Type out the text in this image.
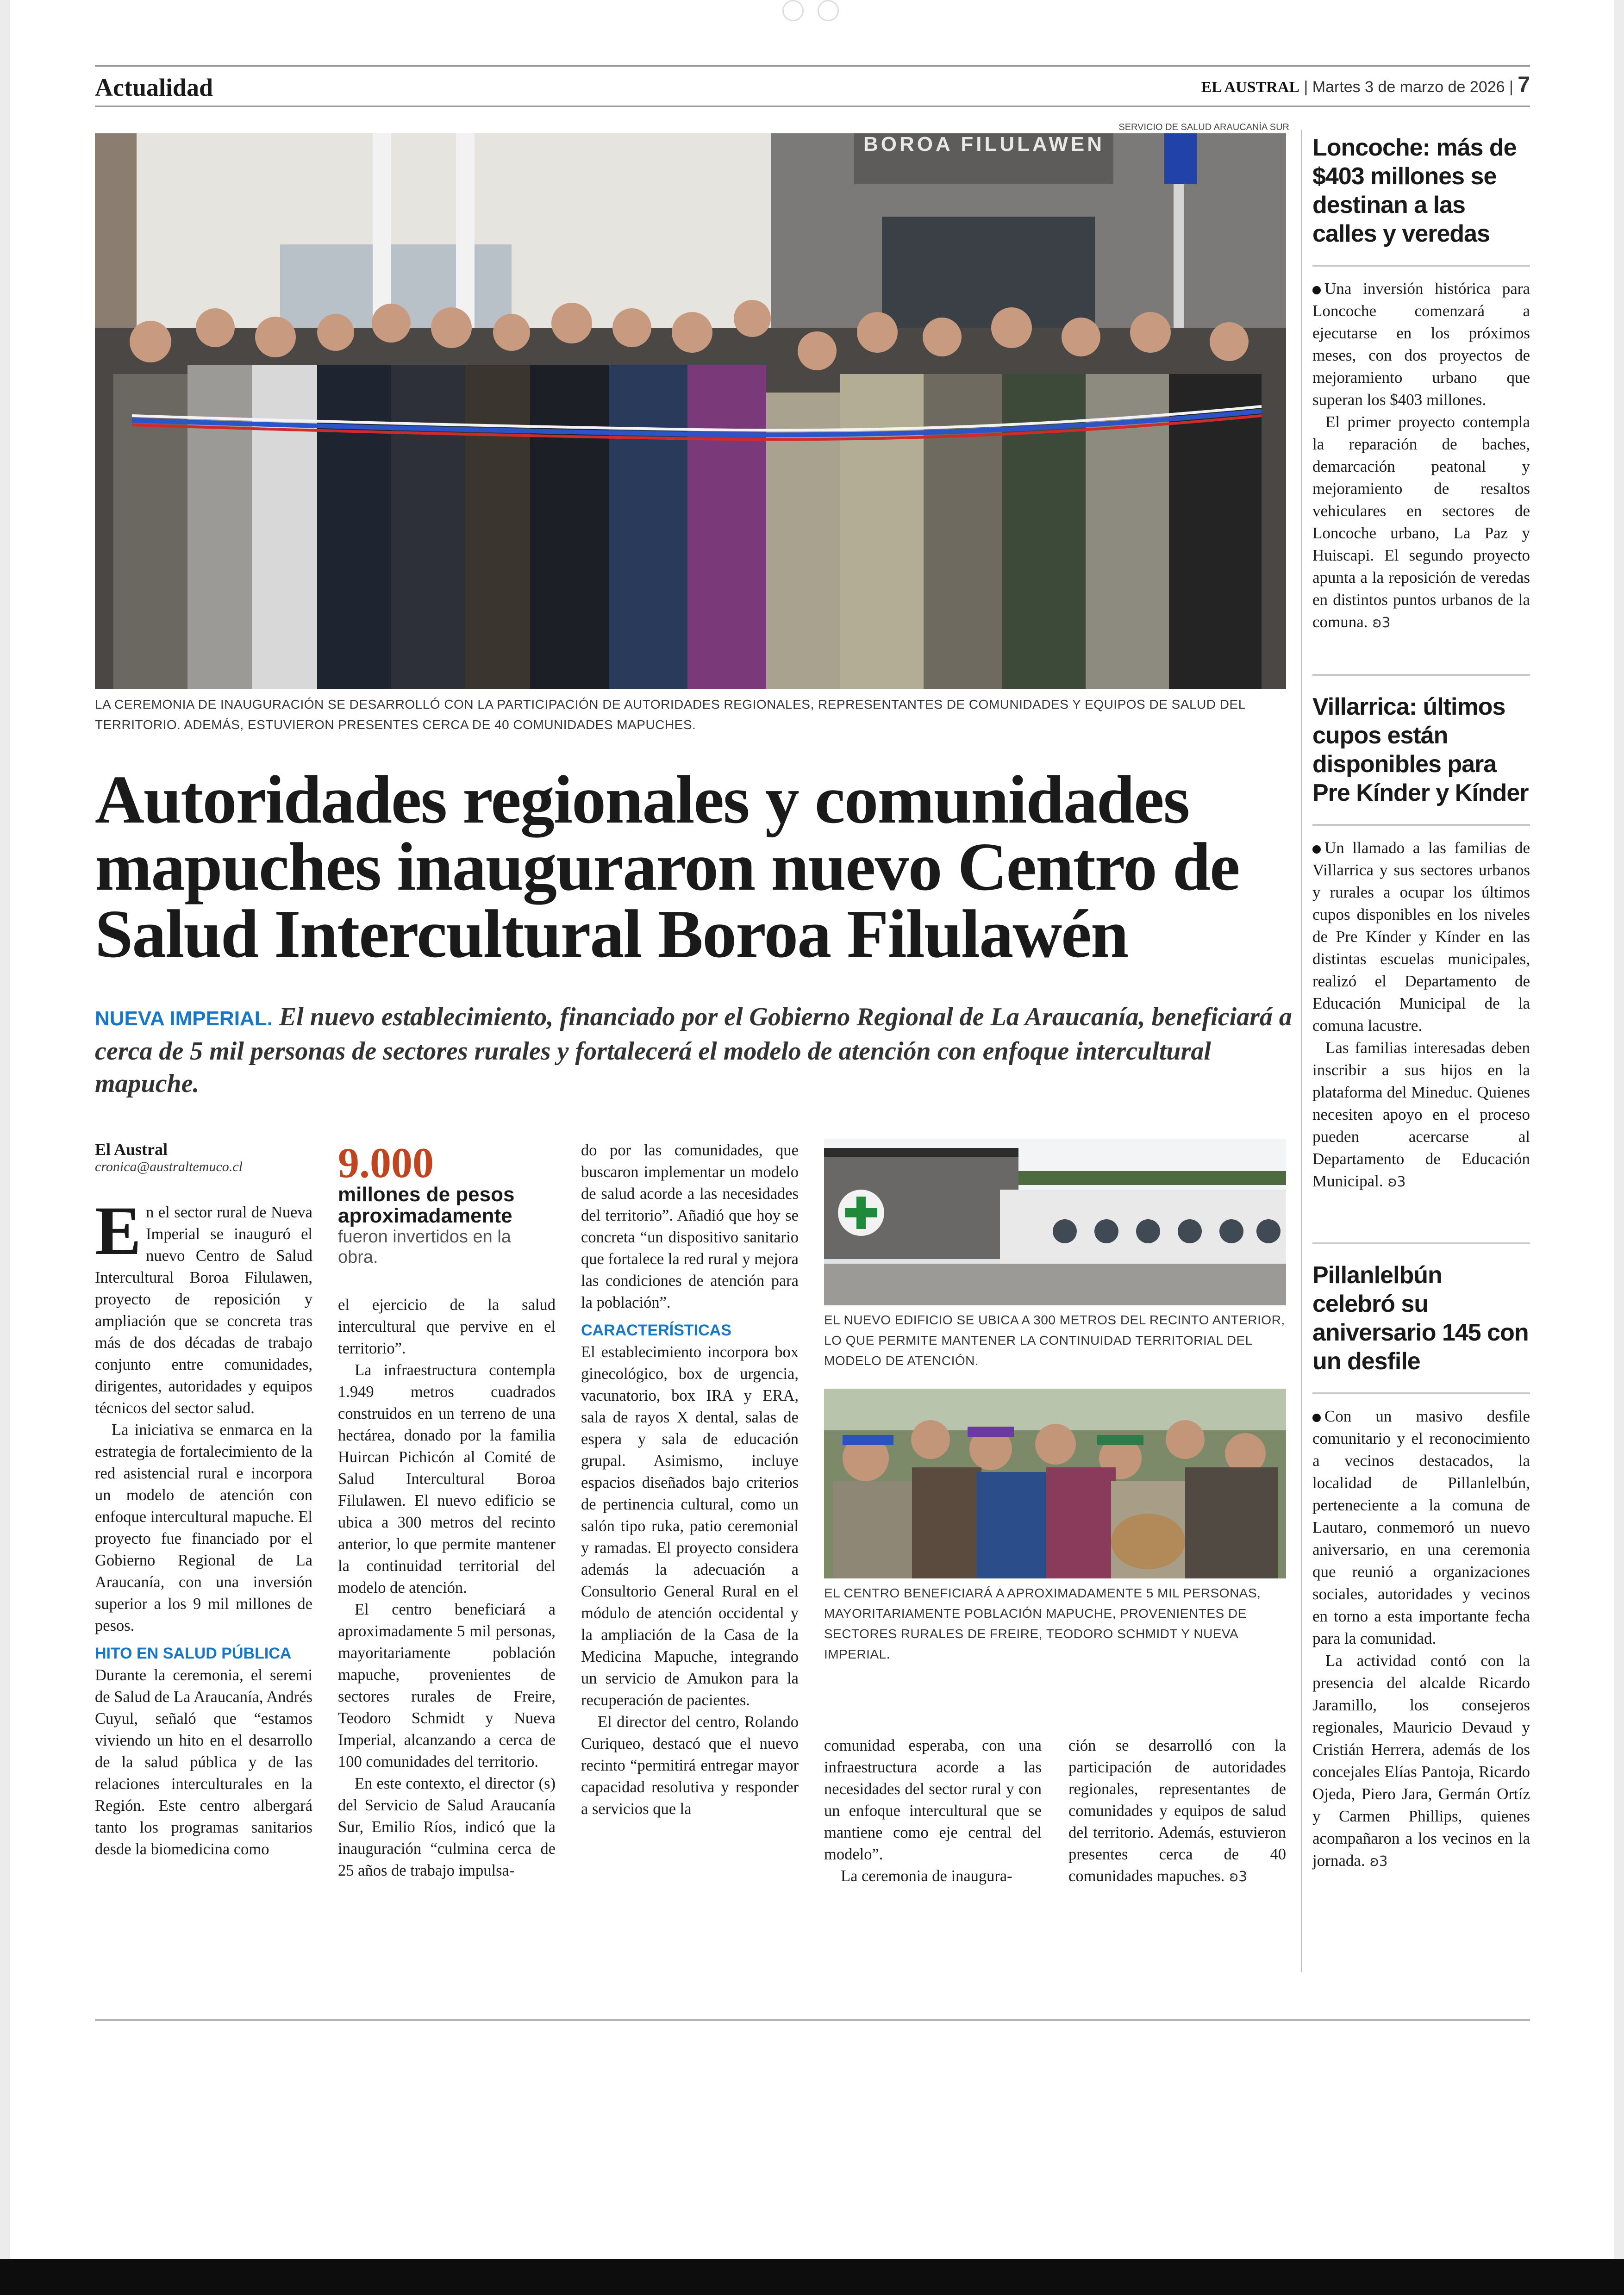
Actualidad	EL AUSTRAL | Martes 3 de marzo de 2026 | 7
SERVICIO DE SALUD ARAUCANÍA SUR
BOROA FILULAWEN
LA CEREMONIA DE INAUGURACIÓN SE DESARROLLÓ CON LA PARTICIPACIÓN DE AUTORIDADES REGIONALES, REPRESENTANTES DE COMUNIDADES Y EQUIPOS DE SALUD DEL TERRITORIO. ADEMÁS, ESTUVIERON PRESENTES CERCA DE 40 COMUNIDADES MAPUCHES.
Autoridades regionales y comunidades mapuches inauguraron nuevo Centro de Salud Intercultural Boroa Filulawén
NUEVA IMPERIAL. El nuevo establecimiento, financiado por el Gobierno Regional de La Araucanía, beneficiará a cerca de 5 mil personas de sectores rurales y fortalecerá el modelo de atención con enfoque intercultural mapuche.
El Austral
cronica@australtemuco.cl

En el sector rural de Nueva Imperial se inauguró el nuevo Centro de Salud Intercultural Boroa Filulawen, proyecto de reposición y ampliación que se concreta tras más de dos décadas de trabajo conjunto entre comunidades, dirigentes, autoridades y equipos técnicos del sector salud.

La iniciativa se enmarca en la estrategia de fortalecimiento de la red asistencial rural e incorpora un modelo de atención con enfoque intercultural mapuche. El proyecto fue financiado por el Gobierno Regional de La Araucanía, con una inversión superior a los 9 mil millones de pesos.

HITO EN SALUD PÚBLICA

Durante la ceremonia, el seremi de Salud de La Araucanía, Andrés Cuyul, señaló que “estamos viviendo un hito en el desarrollo de la salud pública y de las relaciones interculturales en la Región. Este centro albergará tanto los programas sanitarios desde la biomedicina como

9.000
millones de pesos aproximadamente
fueron invertidos en la obra.

el ejercicio de la salud intercultural que pervive en el territorio”.

La infraestructura contempla 1.949 metros cuadrados construidos en un terreno de una hectárea, donado por la familia Huircan Pichicón al Comité de Salud Intercultural Boroa Filulawen. El nuevo edificio se ubica a 300 metros del recinto anterior, lo que permite mantener la continuidad territorial del modelo de atención.

El centro beneficiará a aproximadamente 5 mil personas, mayoritariamente población mapuche, provenientes de sectores rurales de Freire, Teodoro Schmidt y Nueva Imperial, alcanzando a cerca de 100 comunidades del territorio.

En este contexto, el director (s) del Servicio de Salud Araucanía Sur, Emilio Ríos, indicó que la inauguración “culmina cerca de 25 años de trabajo impulsa-

do por las comunidades, que buscaron implementar un modelo de salud acorde a las necesidades del territorio”. Añadió que hoy se concreta “un dispositivo sanitario que fortalece la red rural y mejora las condiciones de atención para la población”.

CARACTERÍSTICAS

El establecimiento incorpora box ginecológico, box de urgencia, vacunatorio, box IRA y ERA, sala de rayos X dental, salas de espera y sala de educación grupal. Asimismo, incluye espacios diseñados bajo criterios de pertinencia cultural, como un salón tipo ruka, patio ceremonial y ramadas. El proyecto considera además la adecuación a Consultorio General Rural en el módulo de atención occidental y la ampliación de la Casa de la Medicina Mapuche, integrando un servicio de Amukon para la recuperación de pacientes.

El director del centro, Rolando Curiqueo, destacó que el nuevo recinto “permitirá entregar mayor capacidad resolutiva y responder a servicios que la

EL NUEVO EDIFICIO SE UBICA A 300 METROS DEL RECINTO ANTERIOR, LO QUE PERMITE MANTENER LA CONTINUIDAD TERRITORIAL DEL MODELO DE ATENCIÓN.
EL CENTRO BENEFICIARÁ A APROXIMADAMENTE 5 MIL PERSONAS, MAYORITARIAMENTE POBLACIÓN MAPUCHE, PROVENIENTES DE SECTORES RURALES DE FREIRE, TEODORO SCHMIDT Y NUEVA IMPERIAL.

comunidad esperaba, con una infraestructura acorde a las necesidades del sector rural y con un enfoque intercultural que se mantiene como eje central del modelo”.

La ceremonia de inaugura-

ción se desarrolló con la participación de autoridades regionales, representantes de comunidades y equipos de salud del territorio. Además, estuvieron presentes cerca de 40 comunidades mapuches. ʚ3

Loncoche: más de $403 millones se destinan a las calles y veredas

Una inversión histórica para Loncoche comenzará a ejecutarse en los próximos meses, con dos proyectos de mejoramiento urbano que superan los $403 millones.

El primer proyecto contempla la reparación de baches, demarcación peatonal y mejoramiento de resaltos vehiculares en sectores de Loncoche urbano, La Paz y Huiscapi. El segundo proyecto apunta a la reposición de veredas en distintos puntos urbanos de la comuna. ʚ3

Villarrica: últimos cupos están disponibles para Pre Kínder y Kínder

Un llamado a las familias de Villarrica y sus sectores urbanos y rurales a ocupar los últimos cupos disponibles en los niveles de Pre Kínder y Kínder en las distintas escuelas municipales, realizó el Departamento de Educación Municipal de la comuna lacustre.

Las familias interesadas deben inscribir a sus hijos en la plataforma del Mineduc. Quienes necesiten apoyo en el proceso pueden acercarse al Departamento de Educación Municipal. ʚ3

Pillanlelbún celebró su aniversario 145 con un desfile

Con un masivo desfile comunitario y el reconocimiento a vecinos destacados, la localidad de Pillanlelbún, perteneciente a la comuna de Lautaro, conmemoró un nuevo aniversario, en una ceremonia que reunió a organizaciones sociales, autoridades y vecinos en torno a esta importante fecha para la comunidad.

La actividad contó con la presencia del alcalde Ricardo Jaramillo, los consejeros regionales, Mauricio Devaud y Cristián Herrera, además de los concejales Elías Pantoja, Ricardo Ojeda, Piero Jara, Germán Ortíz y Carmen Phillips, quienes acompañaron a los vecinos en la jornada. ʚ3
